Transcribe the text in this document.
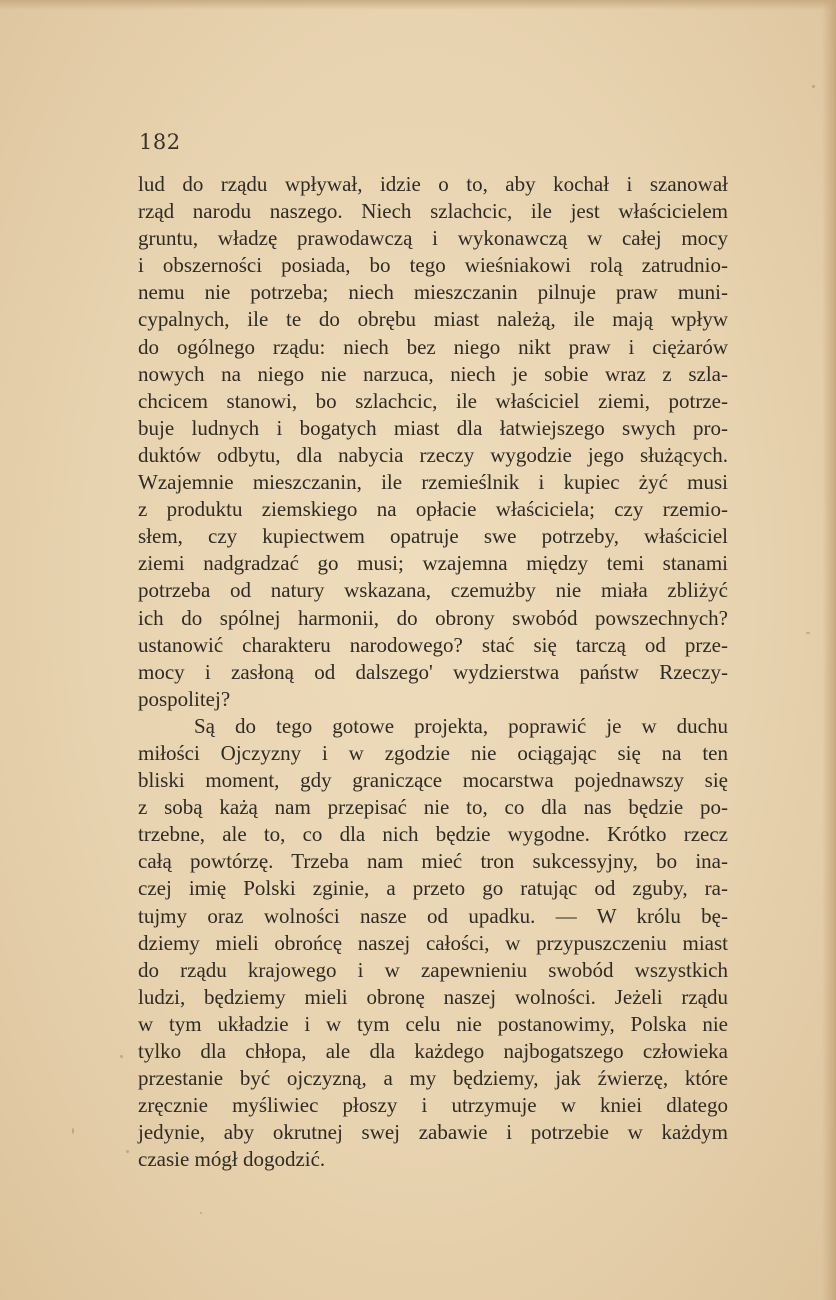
182
lud do rządu wpływał, idzie o to, aby kochał i szanował
rząd narodu naszego. Niech szlachcic, ile jest właścicielem
gruntu, władzę prawodawczą i wykonawczą w całej mocy
i obszerności posiada, bo tego wieśniakowi rolą zatrudnio-
nemu nie potrzeba; niech mieszczanin pilnuje praw muni-
cypalnych, ile te do obrębu miast należą, ile mają wpływ
do ogólnego rządu: niech bez niego nikt praw i ciężarów
nowych na niego nie narzuca, niech je sobie wraz z szla-
chcicem stanowi, bo szlachcic, ile właściciel ziemi, potrze-
buje ludnych i bogatych miast dla łatwiejszego swych pro-
duktów odbytu, dla nabycia rzeczy wygodzie jego służących.
Wzajemnie mieszczanin, ile rzemieślnik i kupiec żyć musi
z produktu ziemskiego na opłacie właściciela; czy rzemio-
słem, czy kupiectwem opatruje swe potrzeby, właściciel
ziemi nadgradzać go musi; wzajemna między temi stanami
potrzeba od natury wskazana, czemużby nie miała zbliżyć
ich do spólnej harmonii, do obrony swobód powszechnych?
ustanowić charakteru narodowego? stać się tarczą od prze-
mocy i zasłoną od dalszego' wydzierstwa państw Rzeczy-
pospolitej?
Są do tego gotowe projekta, poprawić je w duchu
miłości Ojczyzny i w zgodzie nie ociągając się na ten
bliski moment, gdy graniczące mocarstwa pojednawszy się
z sobą każą nam przepisać nie to, co dla nas będzie po-
trzebne, ale to, co dla nich będzie wygodne. Krótko rzecz
całą powtórzę. Trzeba nam mieć tron sukcessyjny, bo ina-
czej imię Polski zginie, a przeto go ratując od zguby, ra-
tujmy oraz wolności nasze od upadku. — W królu bę-
dziemy mieli obrońcę naszej całości, w przypuszczeniu miast
do rządu krajowego i w zapewnieniu swobód wszystkich
ludzi, będziemy mieli obronę naszej wolności. Jeżeli rządu
w tym układzie i w tym celu nie postanowimy, Polska nie
tylko dla chłopa, ale dla każdego najbogatszego człowieka
przestanie być ojczyzną, a my będziemy, jak źwierzę, które
zręcznie myśliwiec płoszy i utrzymuje w kniei dlatego
jedynie, aby okrutnej swej zabawie i potrzebie w każdym
czasie mógł dogodzić.
